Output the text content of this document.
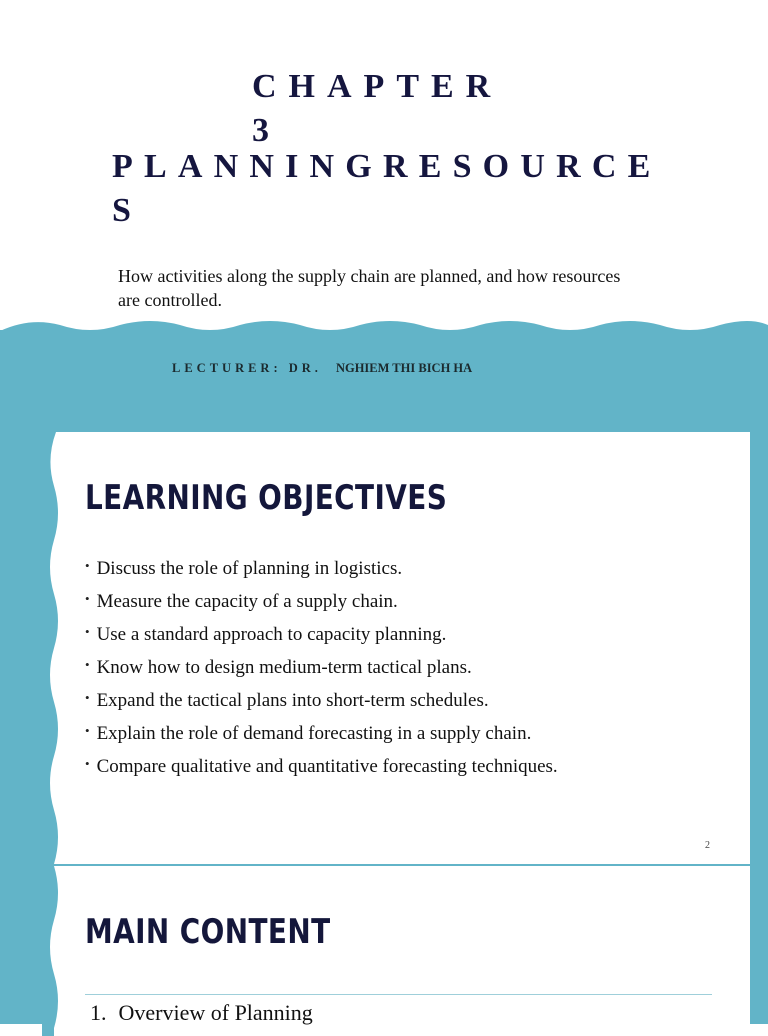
CHAPTER
3
PLANNINGRESOURCE
S
How activities along the supply chain are planned, and how resources are controlled.
LECTURER: DR. NGHIEM THI BICH HA
LEARNING OBJECTIVES
• Discuss the role of planning in logistics.
• Measure the capacity of a supply chain.
• Use a standard approach to capacity planning.
• Know how to design medium-term tactical plans.
• Expand the tactical plans into short-term schedules.
• Explain the role of demand forecasting in a supply chain.
• Compare qualitative and quantitative forecasting techniques.
2
MAIN CONTENT
1. Overview of Planning
